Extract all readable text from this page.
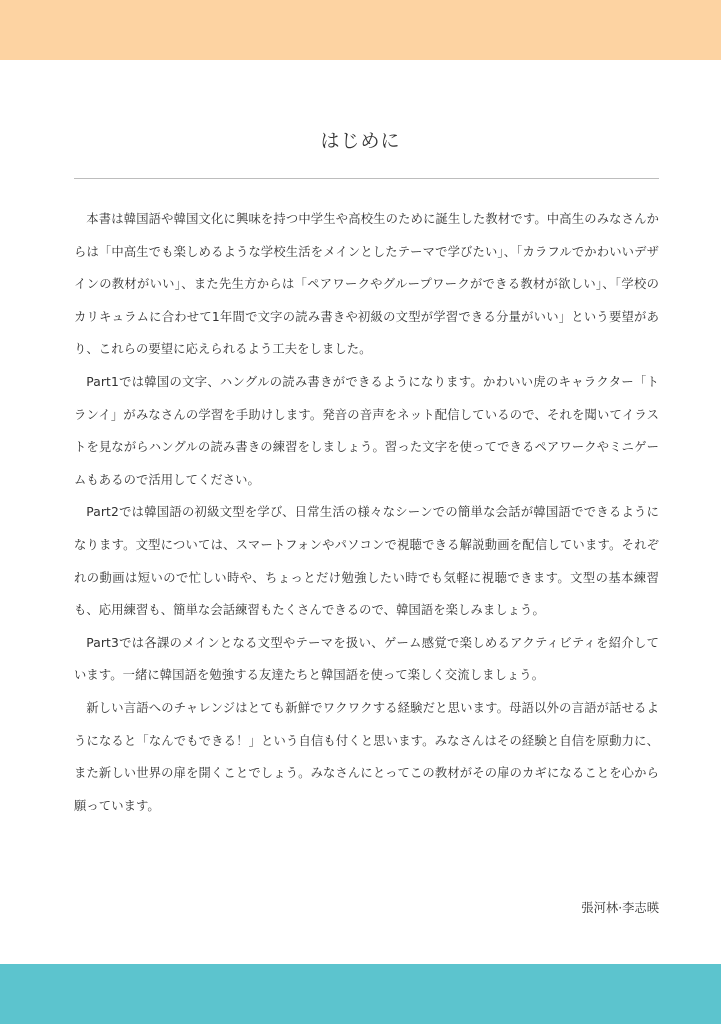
はじめに

本書は韓国語や韓国文化に興味を持つ中学生や高校生のために誕生した教材です。中高生のみなさんからは「中高生でも楽しめるような学校生活をメインとしたテーマで学びたい」、「カラフルでかわいいデザインの教材がいい」、また先生方からは「ペアワークやグループワークができる教材が欲しい」、「学校のカリキュラムに合わせて1年間で文字の読み書きや初級の文型が学習できる分量がいい」という要望があり、これらの要望に応えられるよう工夫をしました。

Part1では韓国の文字、ハングルの読み書きができるようになります。かわいい虎のキャラクター「トランイ」がみなさんの学習を手助けします。発音の音声をネット配信しているので、それを聞いてイラストを見ながらハングルの読み書きの練習をしましょう。習った文字を使ってできるペアワークやミニゲームもあるので活用してください。

Part2では韓国語の初級文型を学び、日常生活の様々なシーンでの簡単な会話が韓国語でできるようになります。文型については、スマートフォンやパソコンで視聴できる解説動画を配信しています。それぞれの動画は短いので忙しい時や、ちょっとだけ勉強したい時でも気軽に視聴できます。文型の基本練習も、応用練習も、簡単な会話練習もたくさんできるので、韓国語を楽しみましょう。

Part3では各課のメインとなる文型やテーマを扱い、ゲーム感覚で楽しめるアクティビティを紹介しています。一緒に韓国語を勉強する友達たちと韓国語を使って楽しく交流しましょう。

新しい言語へのチャレンジはとても新鮮でワクワクする経験だと思います。母語以外の言語が話せるようになると「なんでもできる！」という自信も付くと思います。みなさんはその経験と自信を原動力に、また新しい世界の扉を開くことでしょう。みなさんにとってこの教材がその扉のカギになることを心から願っています。

張河林·李志暎
